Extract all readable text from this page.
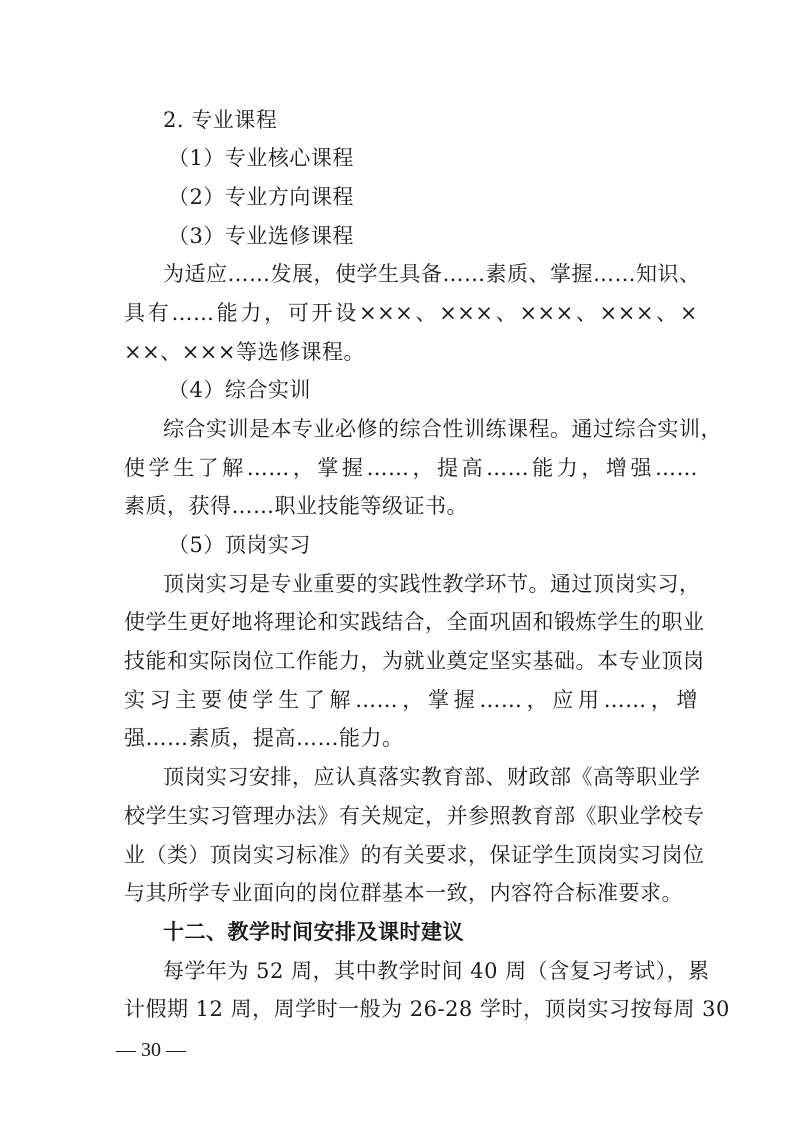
2. 专业课程
（1）专业核心课程
（2）专业方向课程
（3）专业选修课程
为适应……发展，使学生具备……素质、掌握……知识、
具有……能力，可开设×××、×××、×××、×××、×
××、×××等选修课程。
（4）综合实训
综合实训是本专业必修的综合性训练课程。通过综合实训，
使学生了解……，掌握……，提高……能力，增强……
素质，获得……职业技能等级证书。
（5）顶岗实习
顶岗实习是专业重要的实践性教学环节。通过顶岗实习，
使学生更好地将理论和实践结合，全面巩固和锻炼学生的职业
技能和实际岗位工作能力，为就业奠定坚实基础。本专业顶岗
实习主要使学生了解……，掌握……，应用……，增
强……素质，提高……能力。
顶岗实习安排，应认真落实教育部、财政部《高等职业学
校学生实习管理办法》有关规定，并参照教育部《职业学校专
业（类）顶岗实习标准》的有关要求，保证学生顶岗实习岗位
与其所学专业面向的岗位群基本一致，内容符合标准要求。
十二、教学时间安排及课时建议
每学年为 52 周，其中教学时间 40 周（含复习考试），累
计假期 12 周，周学时一般为 26-28 学时，顶岗实习按每周 30
— 30 —
